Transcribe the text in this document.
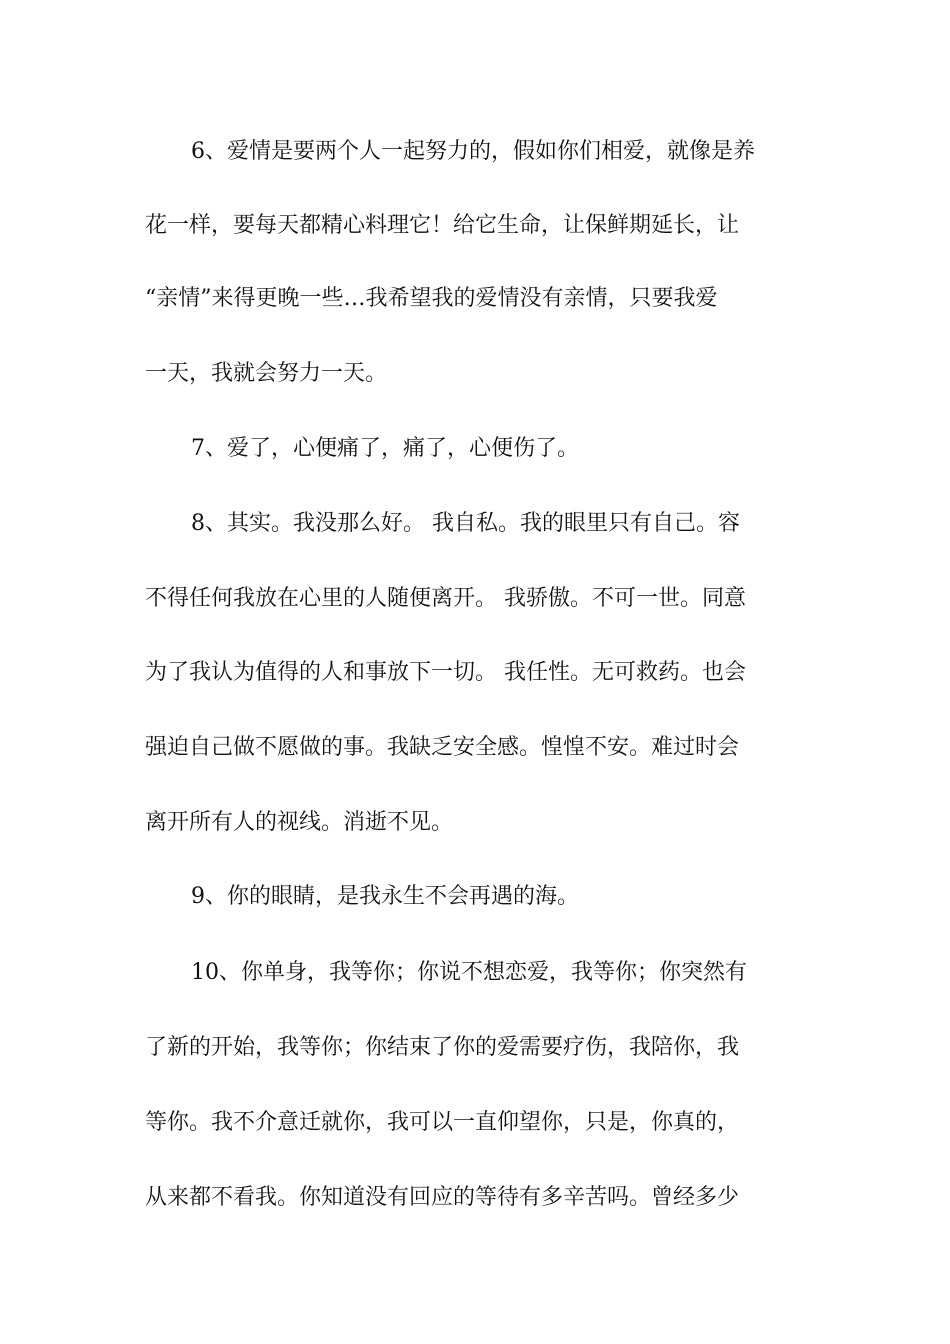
6、爱情是要两个人一起努力的，假如你们相爱，就像是养
花一样，要每天都精心料理它！给它生命，让保鲜期延长，让
“亲情”来得更晚一些…我希望我的爱情没有亲情，只要我爱
一天，我就会努力一天。
7、爱了，心便痛了，痛了，心便伤了。
8、其实。我没那么好。 我自私。我的眼里只有自己。容
不得任何我放在心里的人随便离开。 我骄傲。不可一世。同意
为了我认为值得的人和事放下一切。 我任性。无可救药。也会
强迫自己做不愿做的事。我缺乏安全感。惶惶不安。难过时会
离开所有人的视线。消逝不见。
9、你的眼睛，是我永生不会再遇的海。
10、你单身，我等你；你说不想恋爱，我等你；你突然有
了新的开始，我等你；你结束了你的爱需要疗伤，我陪你，我
等你。我不介意迁就你，我可以一直仰望你，只是，你真的，
从来都不看我。你知道没有回应的等待有多辛苦吗。曾经多少
